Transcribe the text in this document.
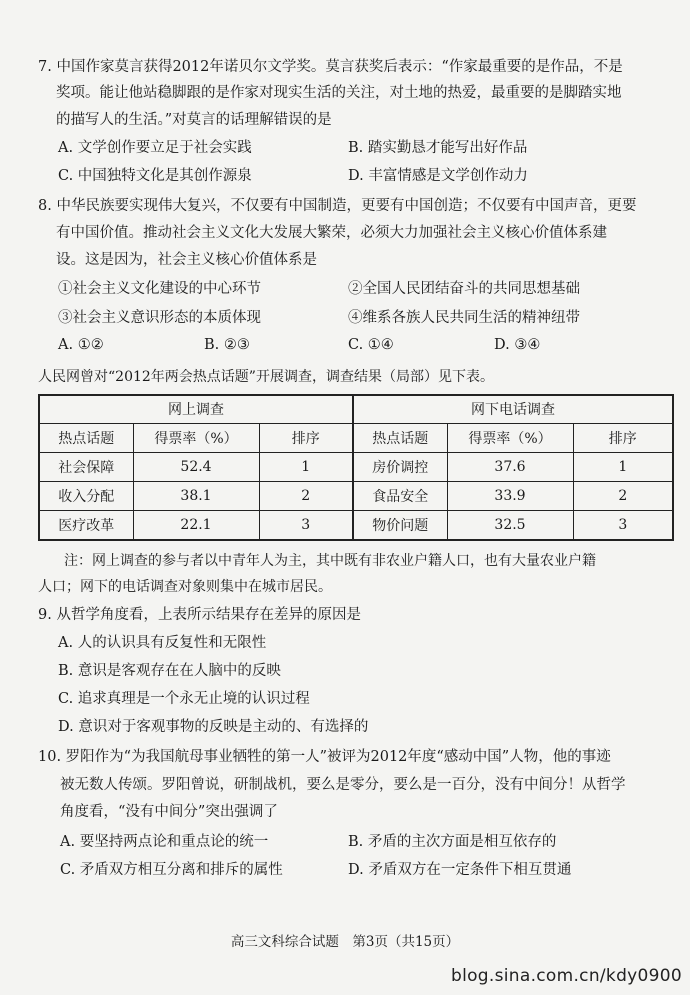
7. 中国作家莫言获得2012年诺贝尔文学奖。莫言获奖后表示：“作家最重要的是作品，不是
奖项。能让他站稳脚跟的是作家对现实生活的关注，对土地的热爱，最重要的是脚踏实地
的描写人的生活。”对莫言的话理解错误的是
A. 文学创作要立足于社会实践	B. 踏实勤恳才能写出好作品
C. 中国独特文化是其创作源泉	D. 丰富情感是文学创作动力
8. 中华民族要实现伟大复兴，不仅要有中国制造，更要有中国创造；不仅要有中国声音，更要
有中国价值。推动社会主义文化大发展大繁荣，必须大力加强社会主义核心价值体系建
设。这是因为，社会主义核心价值体系是
①社会主义文化建设的中心环节	②全国人民团结奋斗的共同思想基础
③社会主义意识形态的本质体现	④维系各族人民共同生活的精神纽带
A. ①②	B. ②③	C. ①④	D. ③④
人民网曾对“2012年两会热点话题”开展调查，调查结果（局部）见下表。
网上调查			网下电话调查		
热点话题	得票率（%）	排序	热点话题	得票率（%）	排序
社会保障	52.4	1	房价调控	37.6	1
收入分配	38.1	2	食品安全	33.9	2
医疗改革	22.1	3	物价问题	32.5	3
注：网上调查的参与者以中青年人为主，其中既有非农业户籍人口，也有大量农业户籍
人口；网下的电话调查对象则集中在城市居民。
9. 从哲学角度看，上表所示结果存在差异的原因是
A. 人的认识具有反复性和无限性
B. 意识是客观存在在人脑中的反映
C. 追求真理是一个永无止境的认识过程
D. 意识对于客观事物的反映是主动的、有选择的
10. 罗阳作为“为我国航母事业牺牲的第一人”被评为2012年度“感动中国”人物，他的事迹
被无数人传颂。罗阳曾说，研制战机，要么是零分，要么是一百分，没有中间分！从哲学
角度看，“没有中间分”突出强调了
A. 要坚持两点论和重点论的统一	B. 矛盾的主次方面是相互依存的
C. 矛盾双方相互分离和排斥的属性	D. 矛盾双方在一定条件下相互贯通
高三文科综合试题　第3页（共15页）
blog.sina.com.cn/kdy0900
